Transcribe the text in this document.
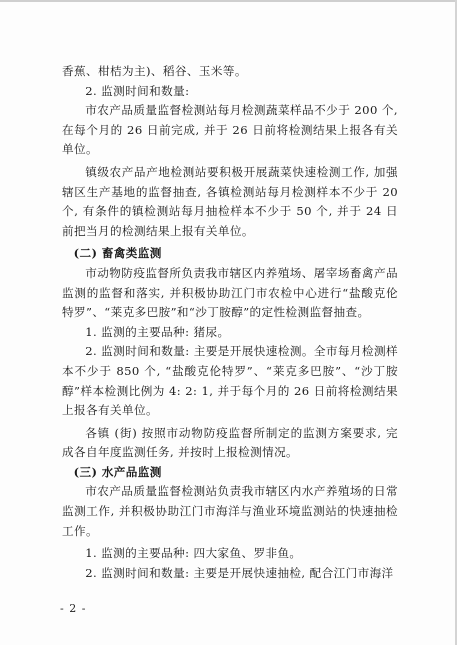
香蕉、柑桔为主)、稻谷、玉米等。

2. 监测时间和数量:

市农产品质量监督检测站每月检测蔬菜样品不少于 200 个, 在每个月的 26 日前完成, 并于 26 日前将检测结果上报各有关单位。

镇级农产品产地检测站要积极开展蔬菜快速检测工作, 加强辖区生产基地的监督抽查, 各镇检测站每月检测样本不少于 20 个, 有条件的镇检测站每月抽检样本不少于 50 个, 并于 24 日前把当月的检测结果上报有关单位。

(二) 畜禽类监测

市动物防疫监督所负责我市辖区内养殖场、屠宰场畜禽产品监测的监督和落实, 并积极协助江门市农检中心进行“盐酸克伦特罗”、“莱克多巴胺”和“沙丁胺醇”的定性检测监督抽查。

1. 监测的主要品种: 猪尿。

2. 监测时间和数量: 主要是开展快速检测。全市每月检测样本不少于 850 个, “盐酸克伦特罗”、“莱克多巴胺”、“沙丁胺醇”样本检测比例为 4: 2: 1, 并于每个月的 26 日前将检测结果上报各有关单位。

各镇 (街) 按照市动物防疫监督所制定的监测方案要求, 完成各自年度监测任务, 并按时上报检测情况。

(三) 水产品监测

市农产品质量监督检测站负责我市辖区内水产养殖场的日常监测工作, 并积极协助江门市海洋与渔业环境监测站的快速抽检工作。

1. 监测的主要品种: 四大家鱼、罗非鱼。

2. 监测时间和数量: 主要是开展快速抽检, 配合江门市海洋

- 2 -
